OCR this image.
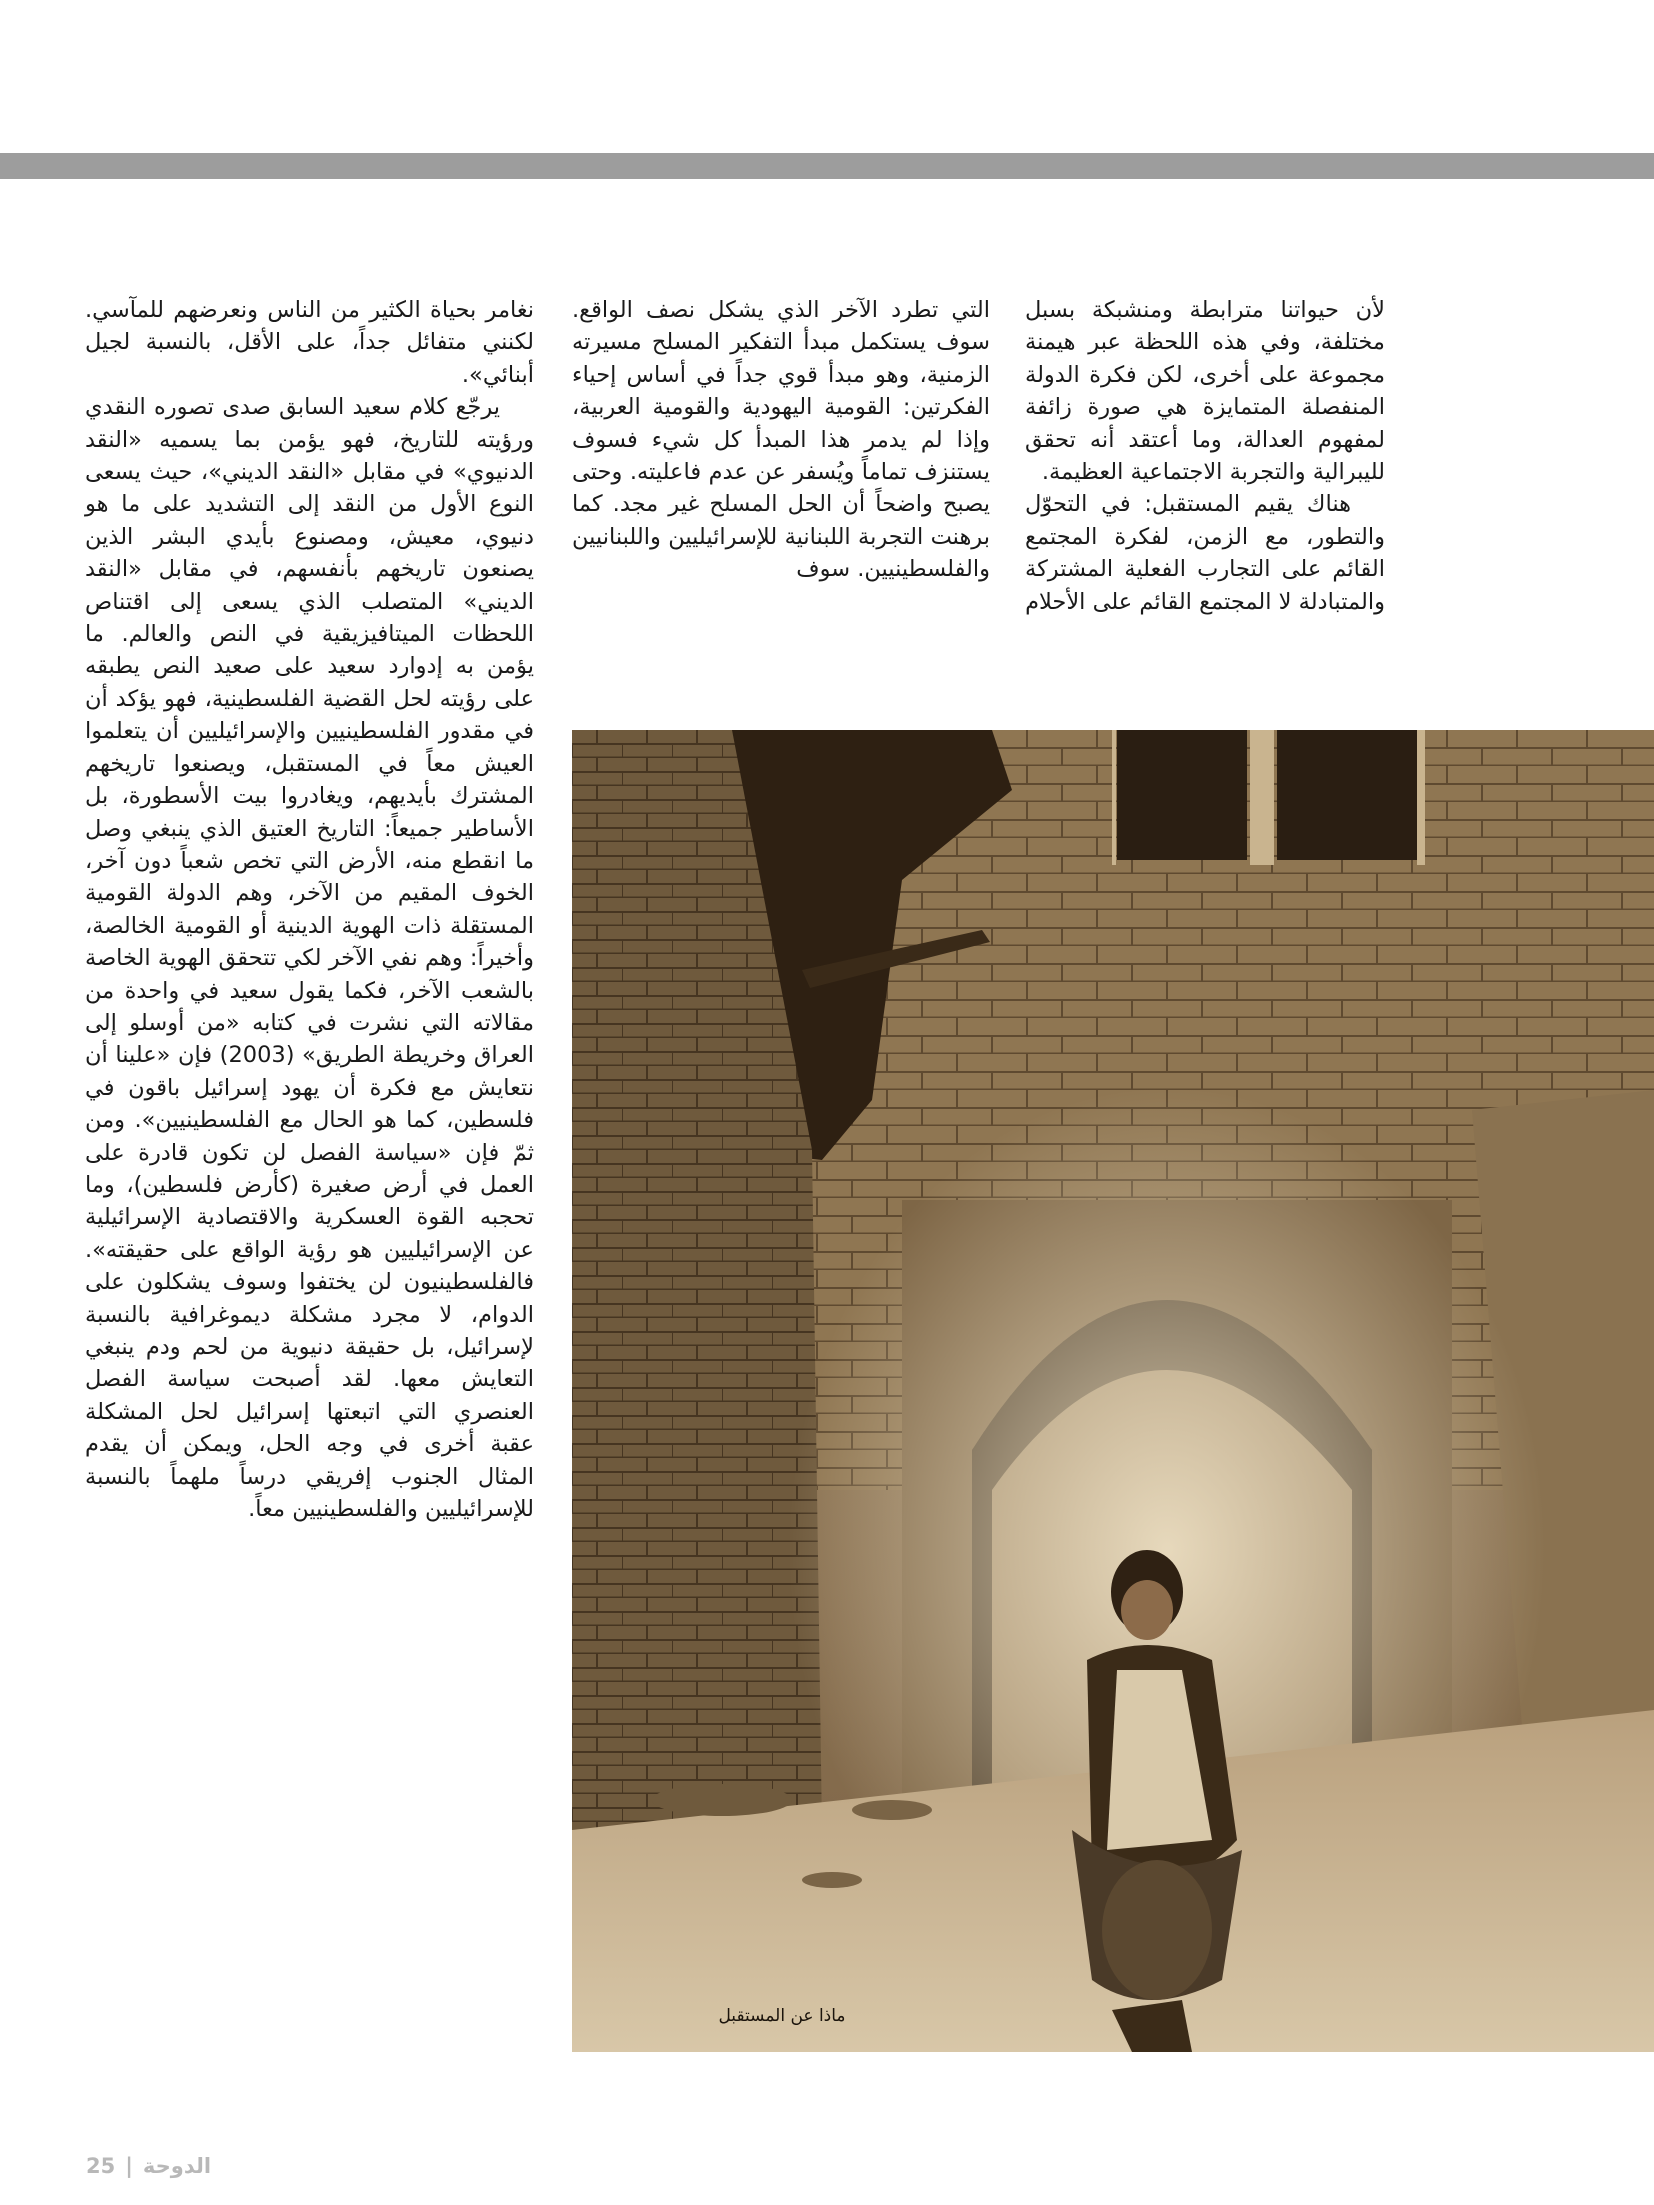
لأن حيواتنا مترابطة ومنشبكة بسبل مختلفة، وفي هذه اللحظة عبر هيمنة مجموعة على أخرى، لكن فكرة الدولة المنفصلة المتمايزة هي صورة زائفة لمفهوم العدالة، وما أعتقد أنه تحقق لليبرالية والتجربة الاجتماعية العظيمة.

هناك يقيم المستقبل: في التحوّل والتطور، مع الزمن، لفكرة المجتمع القائم على التجارب الفعلية المشتركة والمتبادلة لا المجتمع القائم على الأحلام

التي تطرد الآخر الذي يشكل نصف الواقع. سوف يستكمل مبدأ التفكير المسلح مسيرته الزمنية، وهو مبدأ قوي جداً في أساس إحياء الفكرتين: القومية اليهودية والقومية العربية، وإذا لم يدمر هذا المبدأ كل شيء فسوف يستنزف تماماً ويُسفر عن عدم فاعليته. وحتى يصبح واضحاً أن الحل المسلح غير مجد. كما برهنت التجربة اللبنانية للإسرائيليين واللبنانيين والفلسطينيين. سوف

نغامر بحياة الكثير من الناس ونعرضهم للمآسي. لكنني متفائل جداً، على الأقل، بالنسبة لجيل أبنائي».

يرجّع كلام سعيد السابق صدى تصوره النقدي ورؤيته للتاريخ، فهو يؤمن بما يسميه «النقد الدنيوي» في مقابل «النقد الديني»، حيث يسعى النوع الأول من النقد إلى التشديد على ما هو دنيوي، معيش، ومصنوع بأيدي البشر الذين يصنعون تاريخهم بأنفسهم، في مقابل «النقد الديني» المتصلب الذي يسعى إلى اقتناص اللحظات الميتافيزيقية في النص والعالم. ما يؤمن به إدوارد سعيد على صعيد النص يطبقه على رؤيته لحل القضية الفلسطينية، فهو يؤكد أن في مقدور الفلسطينيين والإسرائيليين أن يتعلموا العيش معاً في المستقبل، ويصنعوا تاريخهم المشترك بأيديهم، ويغادروا بيت الأسطورة، بل الأساطير جميعاً: التاريخ العتيق الذي ينبغي وصل ما انقطع منه، الأرض التي تخص شعباً دون آخر، الخوف المقيم من الآخر، وهم الدولة القومية المستقلة ذات الهوية الدينية أو القومية الخالصة، وأخيراً: وهم نفي الآخر لكي تتحقق الهوية الخاصة بالشعب الآخر، فكما يقول سعيد في واحدة من مقالاته التي نشرت في كتابه «من أوسلو إلى العراق وخريطة الطريق» (2003) فإن «علينا أن نتعايش مع فكرة أن يهود إسرائيل باقون في فلسطين، كما هو الحال مع الفلسطينيين». ومن ثمّ فإن «سياسة الفصل لن تكون قادرة على العمل في أرض صغيرة (كأرض فلسطين)، وما تحجبه القوة العسكرية والاقتصادية الإسرائيلية عن الإسرائيليين هو رؤية الواقع على حقيقته». فالفلسطينيون لن يختفوا وسوف يشكلون على الدوام، لا مجرد مشكلة ديموغرافية بالنسبة لإسرائيل، بل حقيقة دنيوية من لحم ودم ينبغي التعايش معها. لقد أصبحت سياسة الفصل العنصري التي اتبعتها إسرائيل لحل المشكلة عقبة أخرى في وجه الحل، ويمكن أن يقدم المثال الجنوب إفريقي درساً ملهماً بالنسبة للإسرائيليين والفلسطينيين معاً.

ماذا عن المستقبل
25 | الدوحة
